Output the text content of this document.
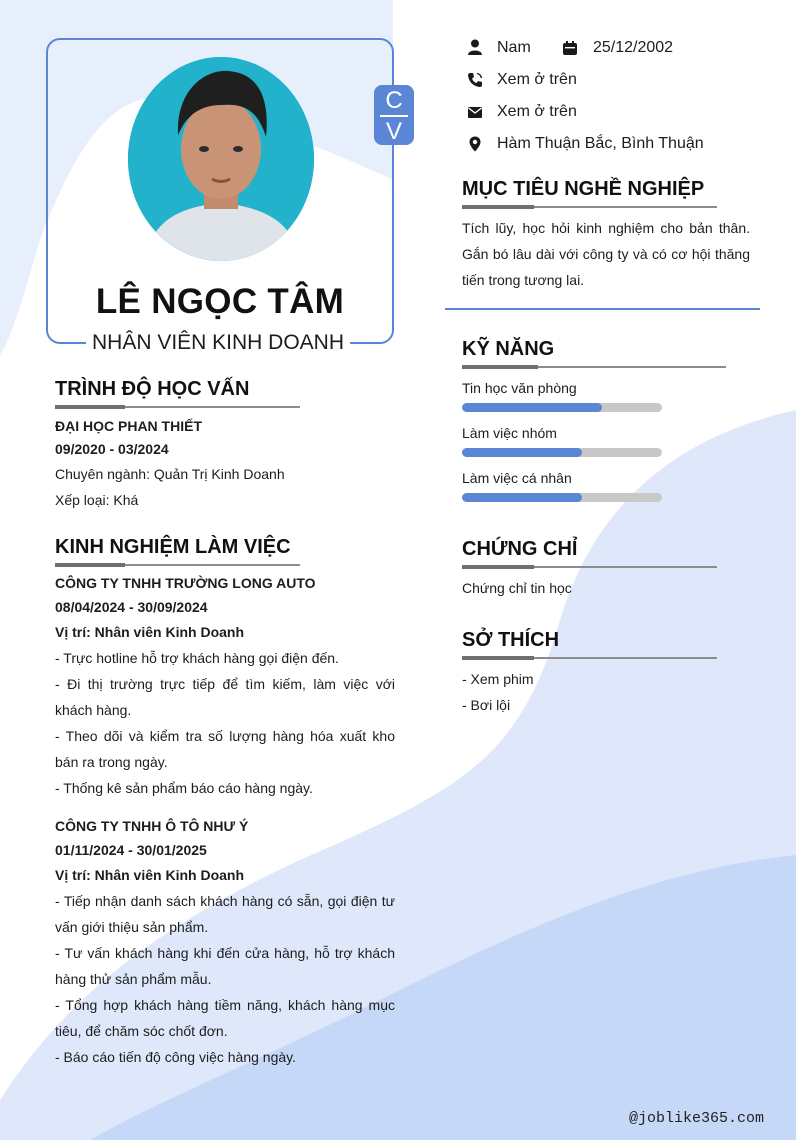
C
V
LÊ NGỌC TÂM
NHÂN VIÊN KINH DOANH
Nam	25/12/2002
Xem ở trên
Xem ở trên
Hàm Thuận Bắc, Bình Thuận
MỤC TIÊU NGHỀ NGHIỆP
Tích lũy, học hỏi kinh nghiệm cho bản thân. Gắn bó lâu dài với công ty và có cơ hội thăng tiến trong tương lai.
KỸ NĂNG
Tin học văn phòng
Làm việc nhóm
Làm việc cá nhân
CHỨNG CHỈ
Chứng chỉ tin học
SỞ THÍCH
- Xem phim
- Bơi lội
TRÌNH ĐỘ HỌC VẤN
ĐẠI HỌC PHAN THIẾT
09/2020 - 03/2024
Chuyên ngành: Quản Trị Kinh Doanh
Xếp loại: Khá
KINH NGHIỆM LÀM VIỆC
CÔNG TY TNHH TRƯỜNG LONG AUTO
08/04/2024 - 30/09/2024
Vị trí: Nhân viên Kinh Doanh
- Trực hotline hỗ trợ khách hàng gọi điện đến.
- Đi thị trường trực tiếp để tìm kiếm, làm việc với khách hàng.
- Theo dõi và kiểm tra số lượng hàng hóa xuất kho bán ra trong ngày.
- Thống kê sản phẩm báo cáo hàng ngày.
CÔNG TY TNHH Ô TÔ NHƯ Ý
01/11/2024 - 30/01/2025
Vị trí: Nhân viên Kinh Doanh
- Tiếp nhận danh sách khách hàng có sẵn, gọi điện tư vấn giới thiệu sản phẩm.
- Tư vấn khách hàng khi đến cửa hàng, hỗ trợ khách hàng thử sản phẩm mẫu.
- Tổng hợp khách hàng tiềm năng, khách hàng mục tiêu, để chăm sóc chốt đơn.
- Báo cáo tiến độ công việc hàng ngày.
@joblike365.com
